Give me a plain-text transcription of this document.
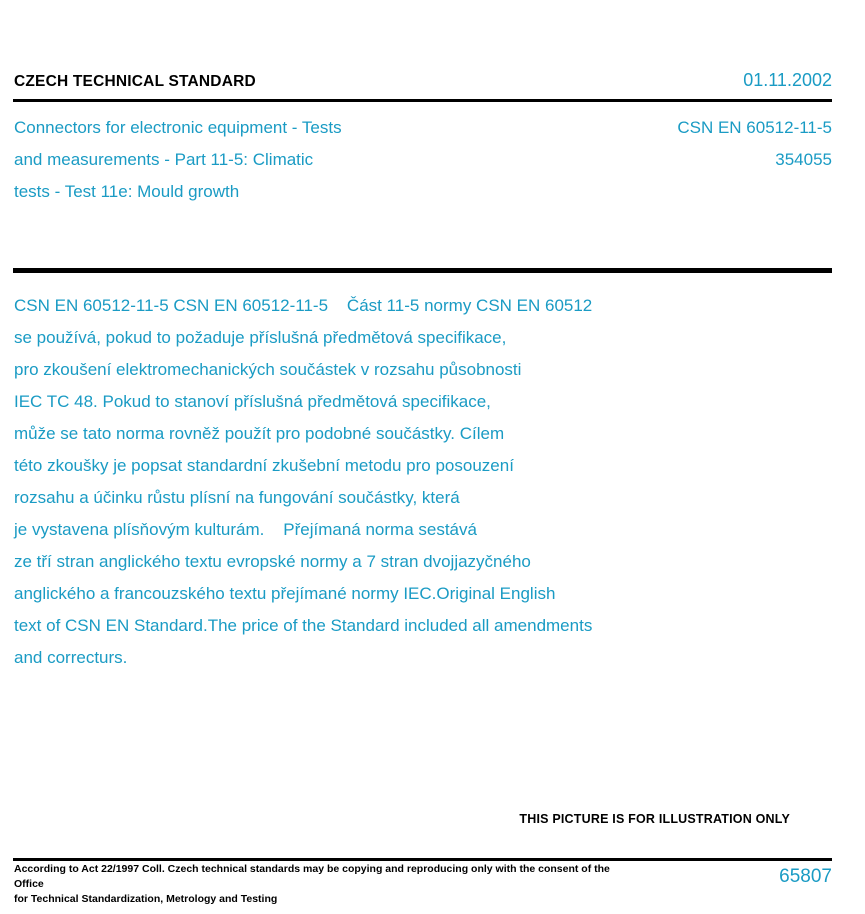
CZECH TECHNICAL STANDARD	01.11.2002
Connectors for electronic equipment - Tests
and measurements - Part 11-5: Climatic
tests - Test 11e: Mould growth
CSN EN 60512-11-5
354055
CSN EN 60512-11-5 CSN EN 60512-11-5    Část 11-5 normy CSN EN 60512
se používá, pokud to požaduje příslušná předmětová specifikace,
pro zkoušení elektromechanických součástek v rozsahu působnosti
IEC TC 48. Pokud to stanoví příslušná předmětová specifikace,
může se tato norma rovněž použít pro podobné součástky. Cílem
této zkoušky je popsat standardní zkušební metodu pro posouzení
rozsahu a účinku růstu plísní na fungování součástky, která
je vystavena plísňovým kulturám.    Přejímaná norma sestává
ze tří stran anglického textu evropské normy a 7 stran dvojjazyčného
anglického a francouzského textu přejímané normy IEC.Original English
text of CSN EN Standard.The price of the Standard included all amendments
and correcturs.
THIS PICTURE IS FOR ILLUSTRATION ONLY
According to Act 22/1997 Coll. Czech technical standards may be copying and reproducing only with the consent of the Office
for Technical Standardization, Metrology and Testing
65807
